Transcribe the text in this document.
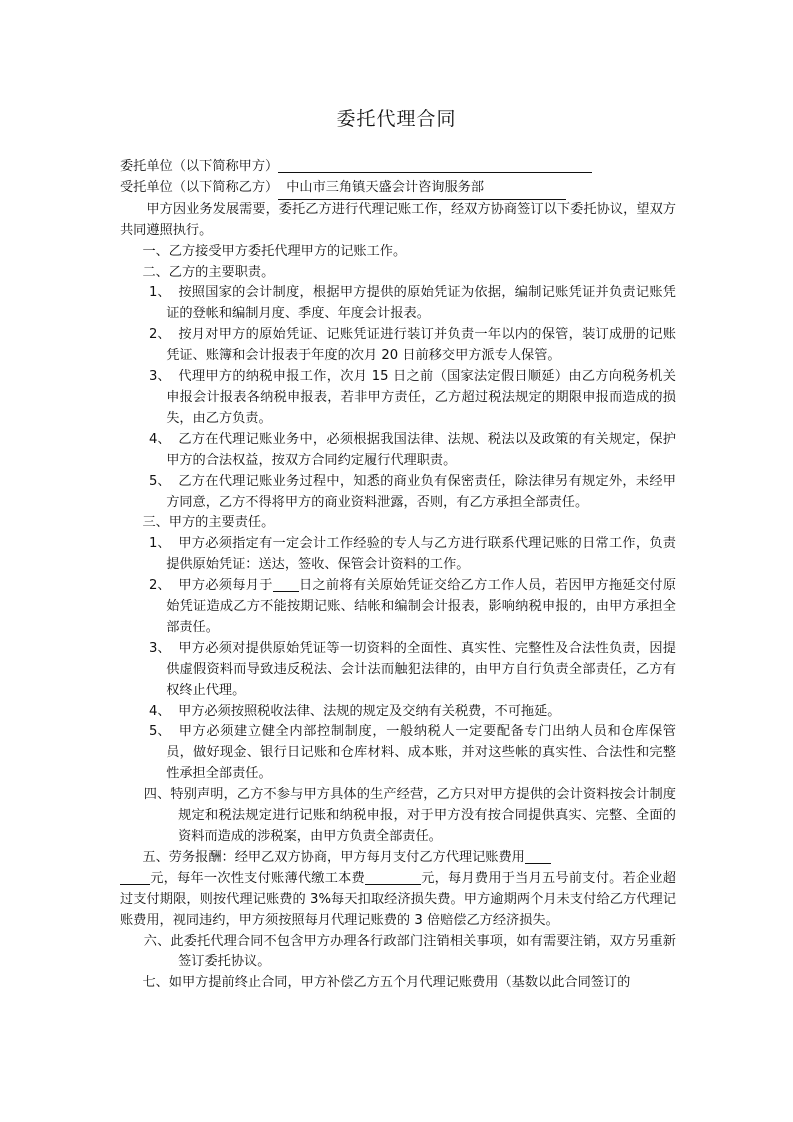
委托代理合同

委托单位（以下简称甲方）

受托单位（以下简称乙方） 中山市三角镇天盛会计咨询服务部

甲方因业务发展需要，委托乙方进行代理记账工作，经双方协商签订以下委托协议，望双方共同遵照执行。

一、乙方接受甲方委托代理甲方的记账工作。

二、乙方的主要职责。

1、 按照国家的会计制度，根据甲方提供的原始凭证为依据，编制记账凭证并负责记账凭证的登帐和编制月度、季度、年度会计报表。

2、 按月对甲方的原始凭证、记账凭证进行装订并负责一年以内的保管，装订成册的记账凭证、账簿和会计报表于年度的次月 20 日前移交甲方派专人保管。

3、 代理甲方的纳税申报工作，次月 15 日之前（国家法定假日顺延）由乙方向税务机关申报会计报表各纳税申报表，若非甲方责任，乙方超过税法规定的期限申报而造成的损失，由乙方负责。

4、 乙方在代理记账业务中，必须根据我国法律、法规、税法以及政策的有关规定，保护甲方的合法权益，按双方合同约定履行代理职责。

5、 乙方在代理记账业务过程中，知悉的商业负有保密责任，除法律另有规定外，未经甲方同意，乙方不得将甲方的商业资料泄露，否则，有乙方承担全部责任。

三、甲方的主要责任。

1、 甲方必须指定有一定会计工作经验的专人与乙方进行联系代理记账的日常工作，负责提供原始凭证：送达，签收、保管会计资料的工作。

2、 甲方必须每月于 日之前将有关原始凭证交给乙方工作人员，若因甲方拖延交付原始凭证造成乙方不能按期记账、结帐和编制会计报表，影响纳税申报的，由甲方承担全部责任。

3、 甲方必须对提供原始凭证等一切资料的全面性、真实性、完整性及合法性负责，因提供虚假资料而导致违反税法、会计法而触犯法律的，由甲方自行负责全部责任，乙方有权终止代理。

4、 甲方必须按照税收法律、法规的规定及交纳有关税费，不可拖延。

5、 甲方必须建立健全内部控制制度，一般纳税人一定要配备专门出纳人员和仓库保管员，做好现金、银行日记账和仓库材料、成本账，并对这些帐的真实性、合法性和完整性承担全部责任。

四、特别声明，乙方不参与甲方具体的生产经营，乙方只对甲方提供的会计资料按会计制度规定和税法规定进行记账和纳税申报，对于甲方没有按合同提供真实、完整、全面的资料而造成的涉税案，由甲方负责全部责任。

五、劳务报酬：经甲乙双方协商，甲方每月支付乙方代理记账费用

元，每年一次性支付账薄代缴工本费	元，每月费用于当月五号前支付。若企业超过支付期限，则按代理记账费的 3%每天扣取经济损失费。甲方逾期两个月未支付给乙方代理记账费用，视同违约，甲方须按照每月代理记账费的 3 倍赔偿乙方经济损失。

六、此委托代理合同不包含甲方办理各行政部门注销相关事项，如有需要注销，双方另重新签订委托协议。

七、如甲方提前终止合同，甲方补偿乙方五个月代理记账费用（基数以此合同签订的
